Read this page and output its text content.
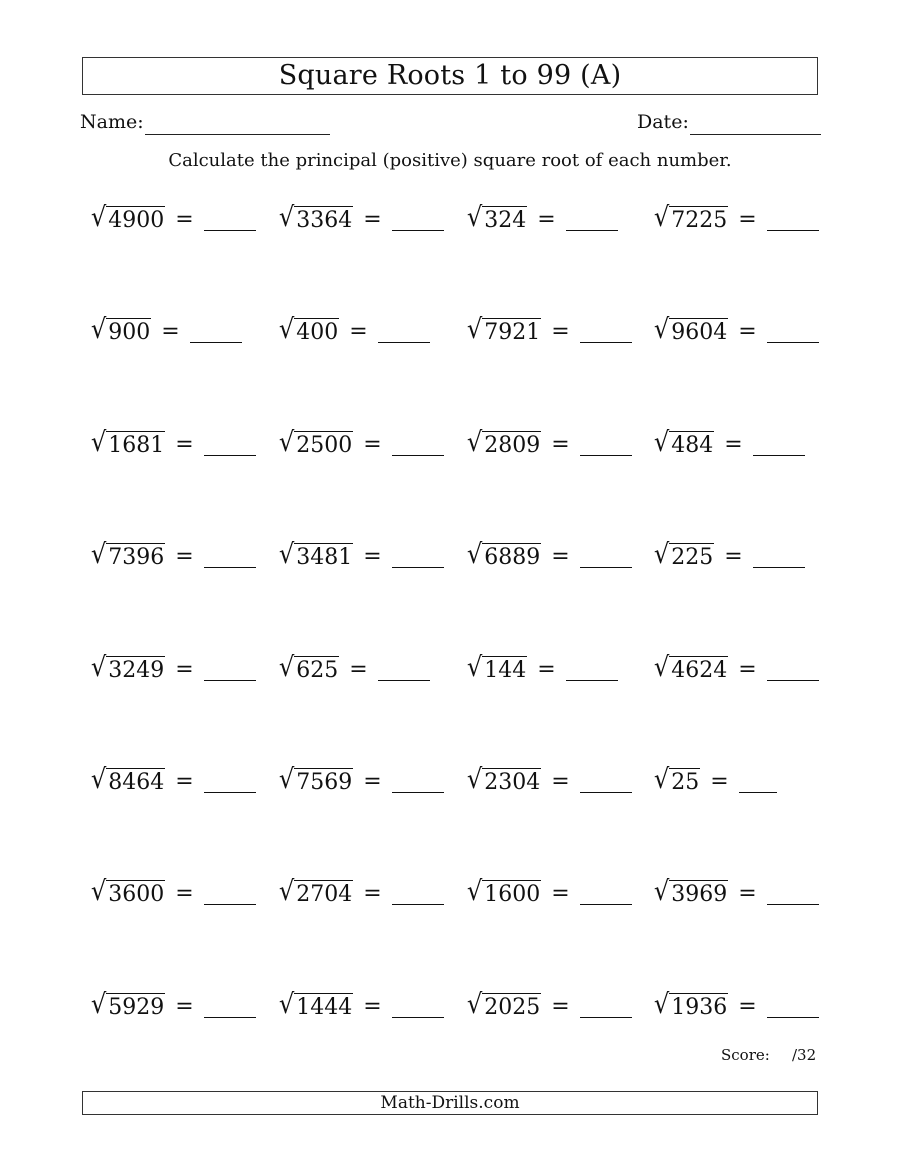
Square Roots 1 to 99 (A)
Name:	Date:
Calculate the principal (positive) square root of each number.
√ 4900 =	√ 3364 =	√ 324 =	√ 7225 =
√ 900 =	√ 400 =	√ 7921 =	√ 9604 =
√ 1681 =	√ 2500 =	√ 2809 =	√ 484 =
√ 7396 =	√ 3481 =	√ 6889 =	√ 225 =
√ 3249 =	√ 625 =	√ 144 =	√ 4624 =
√ 8464 =	√ 7569 =	√ 2304 =	√ 25 =
√ 3600 =	√ 2704 =	√ 1600 =	√ 3969 =
√ 5929 =	√ 1444 =	√ 2025 =	√ 1936 =
Score: /32
Math-Drills.com
